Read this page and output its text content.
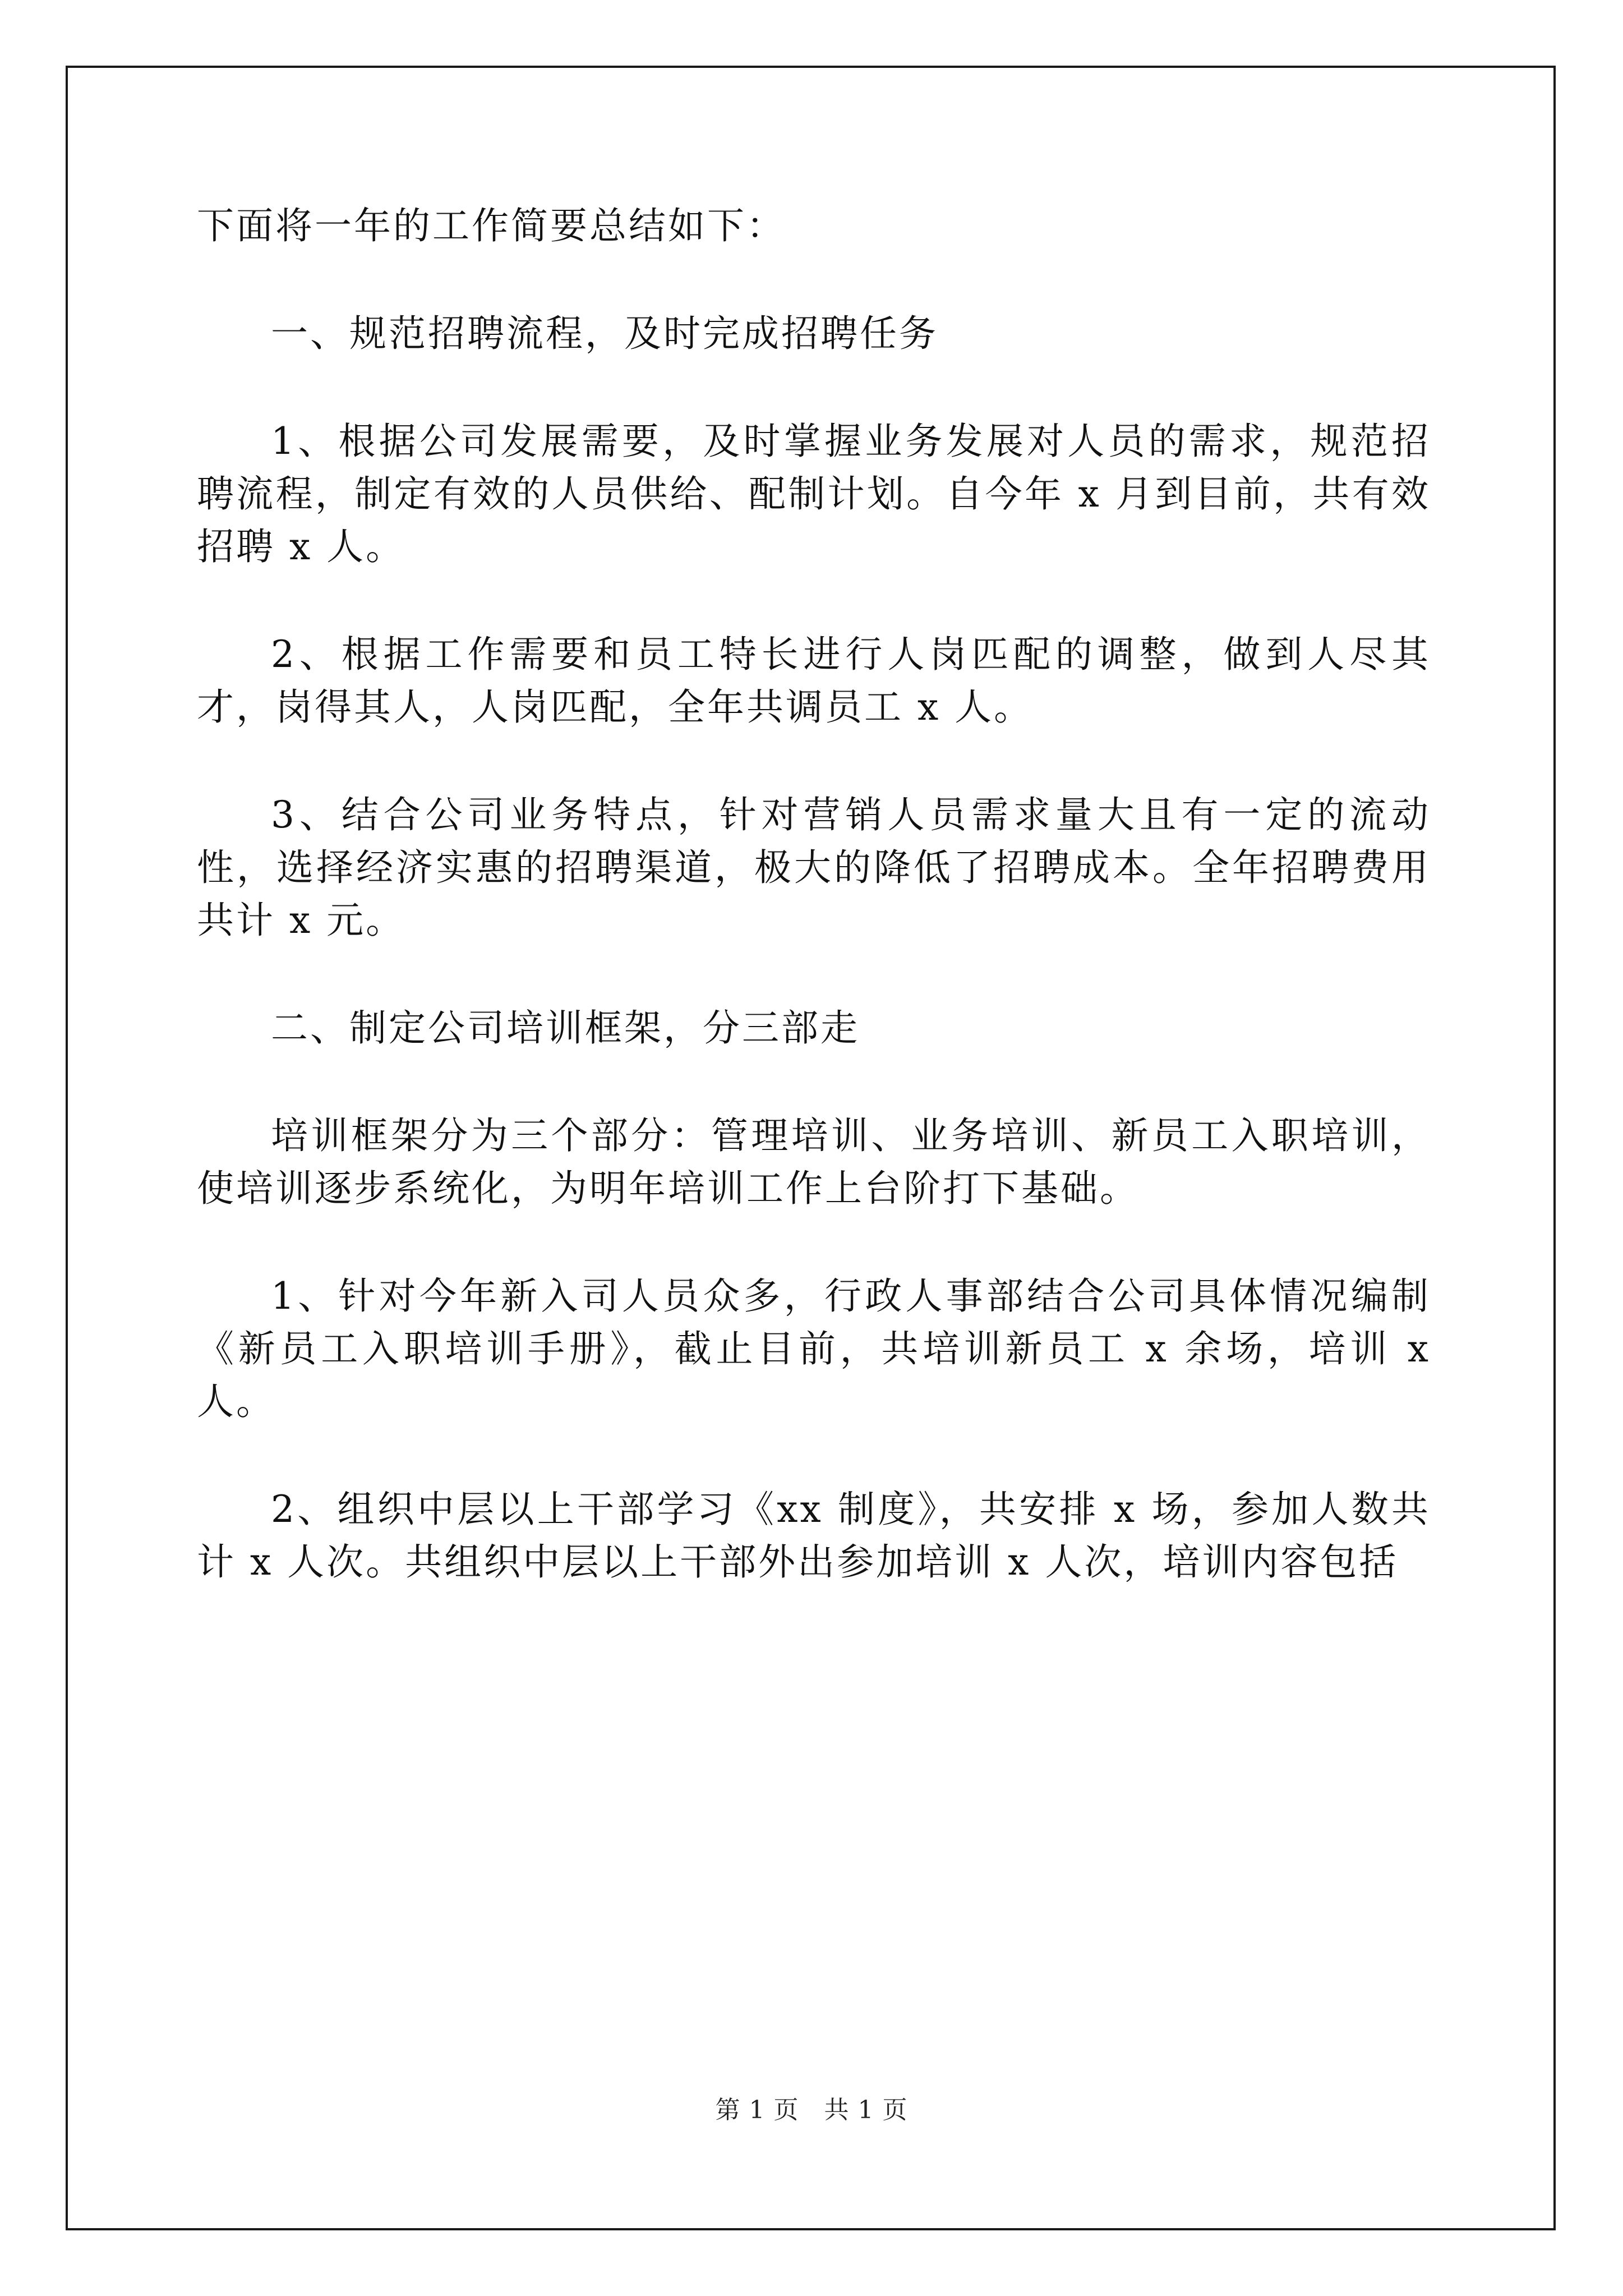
下面将一年的工作简要总结如下：

一、规范招聘流程，及时完成招聘任务

1、根据公司发展需要，及时掌握业务发展对人员的需求，规范招聘流程，制定有效的人员供给、配制计划。自今年 x 月到目前，共有效招聘 x 人。

2、根据工作需要和员工特长进行人岗匹配的调整，做到人尽其才，岗得其人，人岗匹配，全年共调员工 x 人。

3、结合公司业务特点，针对营销人员需求量大且有一定的流动性，选择经济实惠的招聘渠道，极大的降低了招聘成本。全年招聘费用共计 x 元。

二、制定公司培训框架，分三部走

培训框架分为三个部分：管理培训、业务培训、新员工入职培训，使培训逐步系统化，为明年培训工作上台阶打下基础。

1、针对今年新入司人员众多，行政人事部结合公司具体情况编制《新员工入职培训手册》，截止目前，共培训新员工 x 余场，培训 x 人。

2、组织中层以上干部学习《xx 制度》，共安排 x 场，参加人数共计 x 人次。共组织中层以上干部外出参加培训 x 人次，培训内容包括

第 1 页　共 1 页
